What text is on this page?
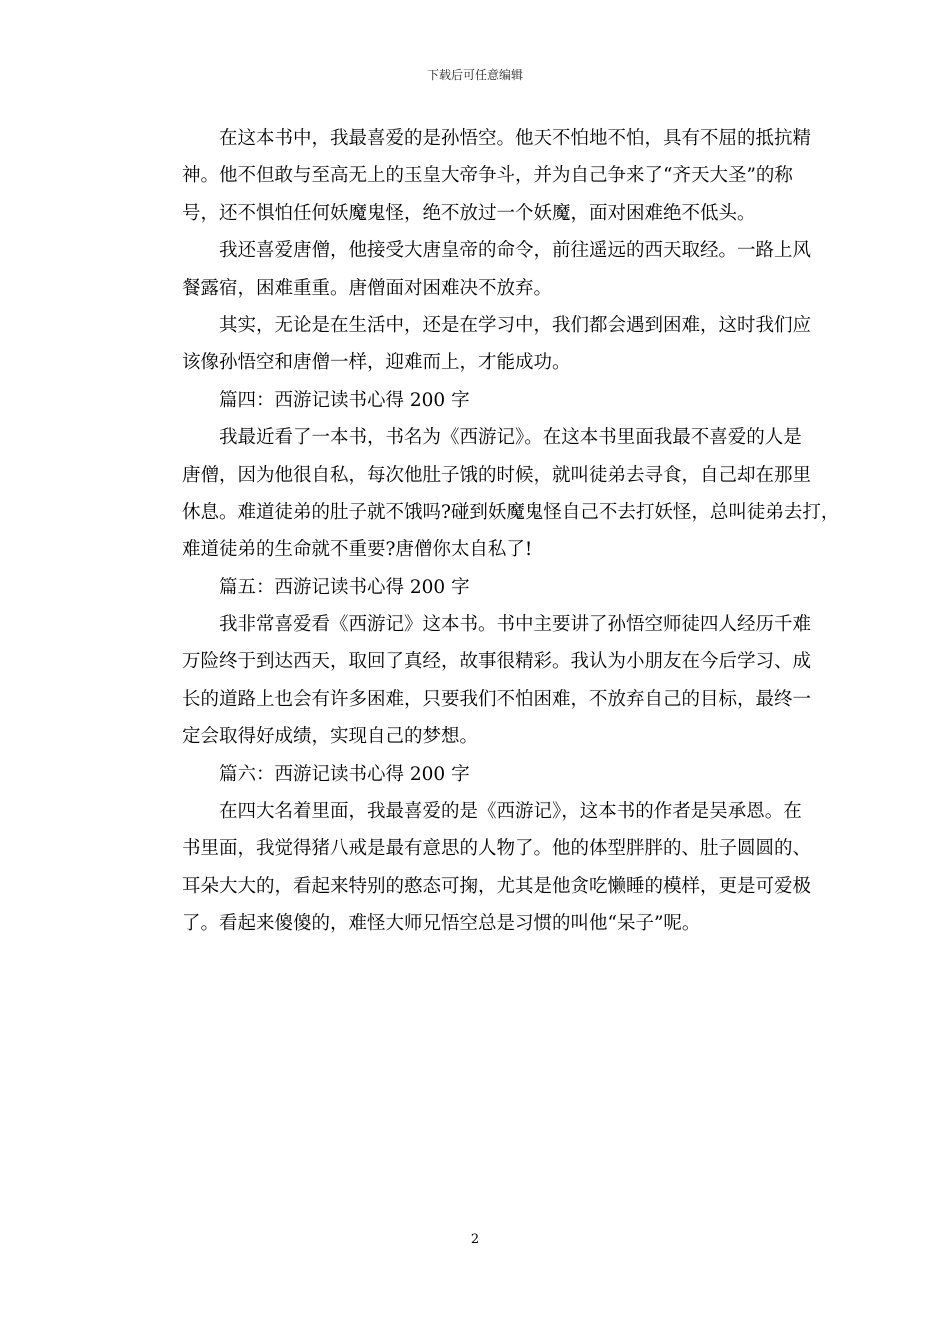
下载后可任意编辑
在这本书中，我最喜爱的是孙悟空。他天不怕地不怕，具有不屈的抵抗精
神。他不但敢与至高无上的玉皇大帝争斗，并为自己争来了“齐天大圣”的称
号，还不惧怕任何妖魔鬼怪，绝不放过一个妖魔，面对困难绝不低头。
我还喜爱唐僧，他接受大唐皇帝的命令，前往遥远的西天取经。一路上风
餐露宿，困难重重。唐僧面对困难决不放弃。
其实，无论是在生活中，还是在学习中，我们都会遇到困难，这时我们应
该像孙悟空和唐僧一样，迎难而上，才能成功。
篇四：西游记读书心得 200 字
我最近看了一本书，书名为《西游记》。在这本书里面我最不喜爱的人是
唐僧，因为他很自私，每次他肚子饿的时候，就叫徒弟去寻食，自己却在那里
休息。难道徒弟的肚子就不饿吗?碰到妖魔鬼怪自己不去打妖怪，总叫徒弟去打，
难道徒弟的生命就不重要?唐僧你太自私了!
篇五：西游记读书心得 200 字
我非常喜爱看《西游记》这本书。书中主要讲了孙悟空师徒四人经历千难
万险终于到达西天，取回了真经，故事很精彩。我认为小朋友在今后学习、成
长的道路上也会有许多困难，只要我们不怕困难，不放弃自己的目标，最终一
定会取得好成绩，实现自己的梦想。
篇六：西游记读书心得 200 字
在四大名着里面，我最喜爱的是《西游记》，这本书的作者是吴承恩。在
书里面，我觉得猪八戒是最有意思的人物了。他的体型胖胖的、肚子圆圆的、
耳朵大大的，看起来特别的憨态可掬，尤其是他贪吃懒睡的模样，更是可爱极
了。看起来傻傻的，难怪大师兄悟空总是习惯的叫他“呆子”呢。
2
